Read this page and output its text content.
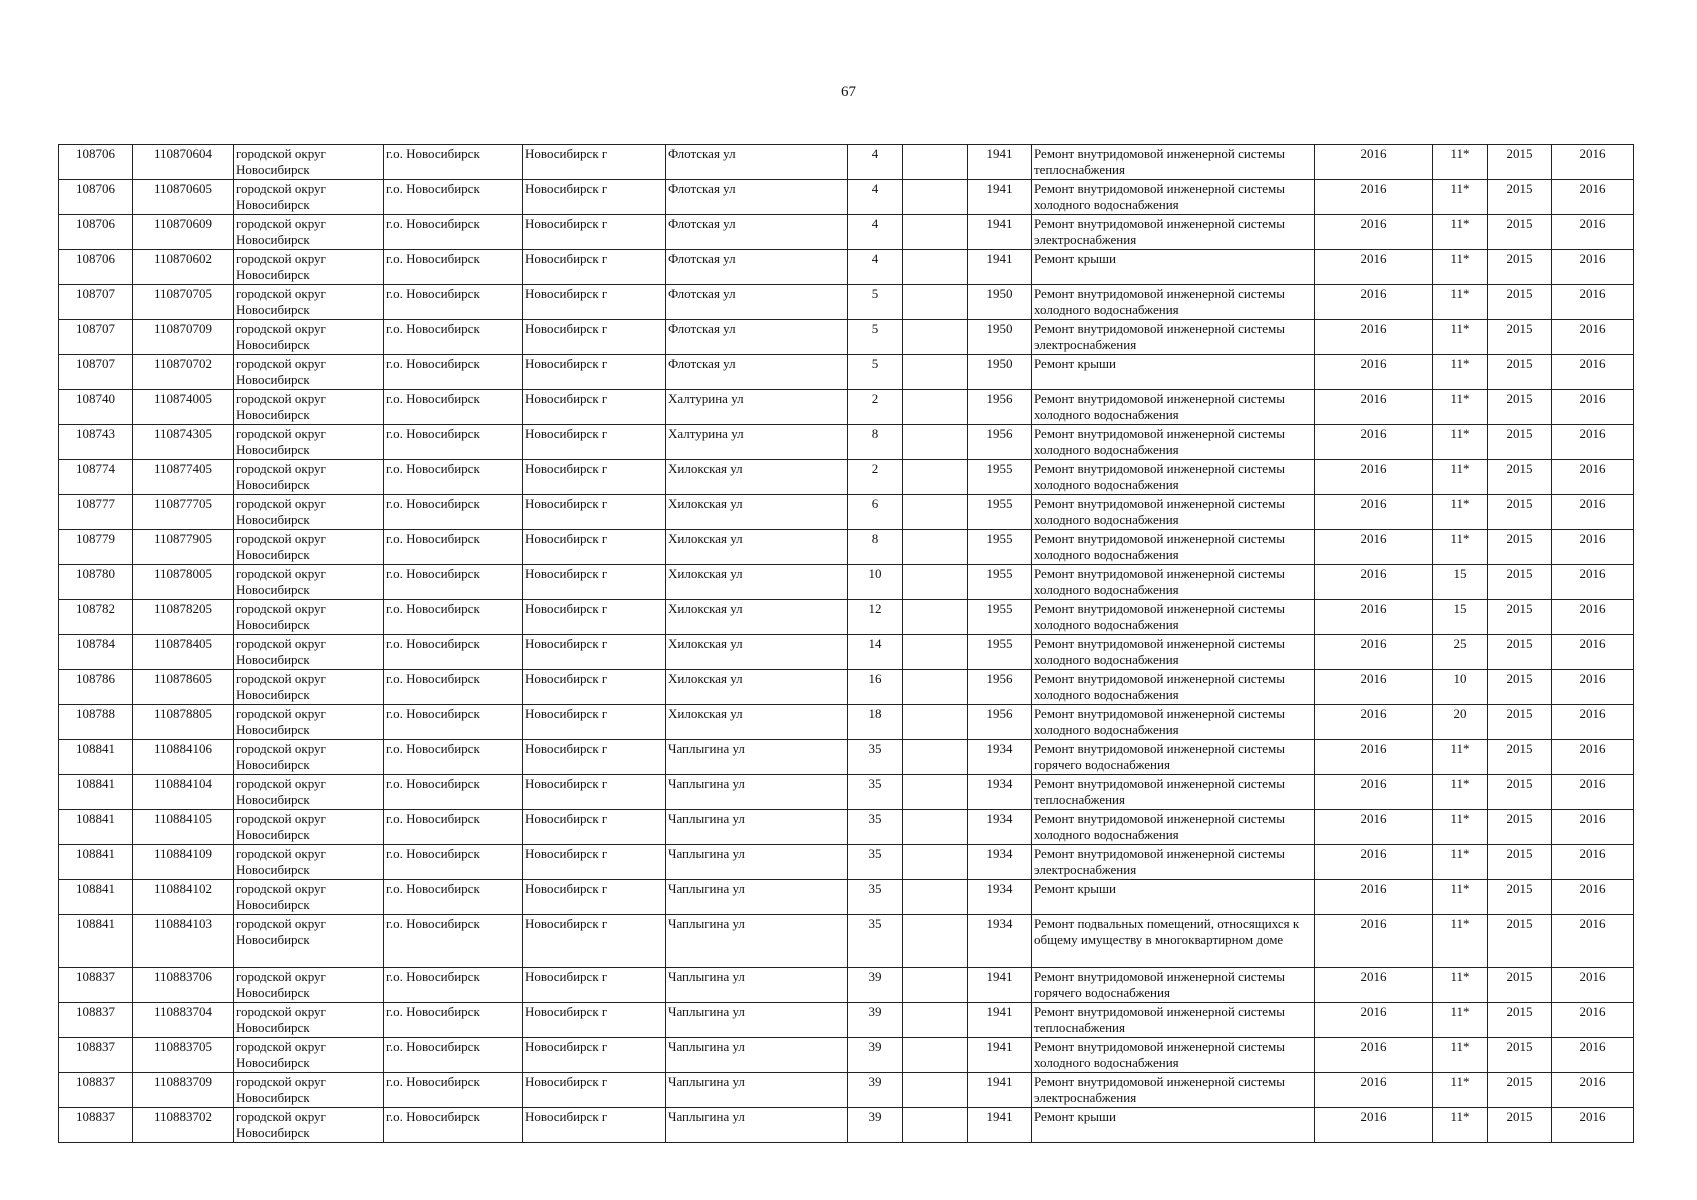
67
108706	110870604	городской округ Новосибирск	г.о. Новосибирск	Новосибирск г	Флотская ул	4		1941	Ремонт внутридомовой инженерной системы теплоснабжения	2016	11*	2015	2016
108706	110870605	городской округ Новосибирск	г.о. Новосибирск	Новосибирск г	Флотская ул	4		1941	Ремонт внутридомовой инженерной системы холодного водоснабжения	2016	11*	2015	2016
108706	110870609	городской округ Новосибирск	г.о. Новосибирск	Новосибирск г	Флотская ул	4		1941	Ремонт внутридомовой инженерной системы электроснабжения	2016	11*	2015	2016
108706	110870602	городской округ Новосибирск	г.о. Новосибирск	Новосибирск г	Флотская ул	4		1941	Ремонт крыши	2016	11*	2015	2016
108707	110870705	городской округ Новосибирск	г.о. Новосибирск	Новосибирск г	Флотская ул	5		1950	Ремонт внутридомовой инженерной системы холодного водоснабжения	2016	11*	2015	2016
108707	110870709	городской округ Новосибирск	г.о. Новосибирск	Новосибирск г	Флотская ул	5		1950	Ремонт внутридомовой инженерной системы электроснабжения	2016	11*	2015	2016
108707	110870702	городской округ Новосибирск	г.о. Новосибирск	Новосибирск г	Флотская ул	5		1950	Ремонт крыши	2016	11*	2015	2016
108740	110874005	городской округ Новосибирск	г.о. Новосибирск	Новосибирск г	Халтурина ул	2		1956	Ремонт внутридомовой инженерной системы холодного водоснабжения	2016	11*	2015	2016
108743	110874305	городской округ Новосибирск	г.о. Новосибирск	Новосибирск г	Халтурина ул	8		1956	Ремонт внутридомовой инженерной системы холодного водоснабжения	2016	11*	2015	2016
108774	110877405	городской округ Новосибирск	г.о. Новосибирск	Новосибирск г	Хилокская ул	2		1955	Ремонт внутридомовой инженерной системы холодного водоснабжения	2016	11*	2015	2016
108777	110877705	городской округ Новосибирск	г.о. Новосибирск	Новосибирск г	Хилокская ул	6		1955	Ремонт внутридомовой инженерной системы холодного водоснабжения	2016	11*	2015	2016
108779	110877905	городской округ Новосибирск	г.о. Новосибирск	Новосибирск г	Хилокская ул	8		1955	Ремонт внутридомовой инженерной системы холодного водоснабжения	2016	11*	2015	2016
108780	110878005	городской округ Новосибирск	г.о. Новосибирск	Новосибирск г	Хилокская ул	10		1955	Ремонт внутридомовой инженерной системы холодного водоснабжения	2016	15	2015	2016
108782	110878205	городской округ Новосибирск	г.о. Новосибирск	Новосибирск г	Хилокская ул	12		1955	Ремонт внутридомовой инженерной системы холодного водоснабжения	2016	15	2015	2016
108784	110878405	городской округ Новосибирск	г.о. Новосибирск	Новосибирск г	Хилокская ул	14		1955	Ремонт внутридомовой инженерной системы холодного водоснабжения	2016	25	2015	2016
108786	110878605	городской округ Новосибирск	г.о. Новосибирск	Новосибирск г	Хилокская ул	16		1956	Ремонт внутридомовой инженерной системы холодного водоснабжения	2016	10	2015	2016
108788	110878805	городской округ Новосибирск	г.о. Новосибирск	Новосибирск г	Хилокская ул	18		1956	Ремонт внутридомовой инженерной системы холодного водоснабжения	2016	20	2015	2016
108841	110884106	городской округ Новосибирск	г.о. Новосибирск	Новосибирск г	Чаплыгина ул	35		1934	Ремонт внутридомовой инженерной системы горячего водоснабжения	2016	11*	2015	2016
108841	110884104	городской округ Новосибирск	г.о. Новосибирск	Новосибирск г	Чаплыгина ул	35		1934	Ремонт внутридомовой инженерной системы теплоснабжения	2016	11*	2015	2016
108841	110884105	городской округ Новосибирск	г.о. Новосибирск	Новосибирск г	Чаплыгина ул	35		1934	Ремонт внутридомовой инженерной системы холодного водоснабжения	2016	11*	2015	2016
108841	110884109	городской округ Новосибирск	г.о. Новосибирск	Новосибирск г	Чаплыгина ул	35		1934	Ремонт внутридомовой инженерной системы электроснабжения	2016	11*	2015	2016
108841	110884102	городской округ Новосибирск	г.о. Новосибирск	Новосибирск г	Чаплыгина ул	35		1934	Ремонт крыши	2016	11*	2015	2016
108841	110884103	городской округ Новосибирск	г.о. Новосибирск	Новосибирск г	Чаплыгина ул	35		1934	Ремонт подвальных помещений, относящихся к общему имуществу в многоквартирном доме	2016	11*	2015	2016
108837	110883706	городской округ Новосибирск	г.о. Новосибирск	Новосибирск г	Чаплыгина ул	39		1941	Ремонт внутридомовой инженерной системы горячего водоснабжения	2016	11*	2015	2016
108837	110883704	городской округ Новосибирск	г.о. Новосибирск	Новосибирск г	Чаплыгина ул	39		1941	Ремонт внутридомовой инженерной системы теплоснабжения	2016	11*	2015	2016
108837	110883705	городской округ Новосибирск	г.о. Новосибирск	Новосибирск г	Чаплыгина ул	39		1941	Ремонт внутридомовой инженерной системы холодного водоснабжения	2016	11*	2015	2016
108837	110883709	городской округ Новосибирск	г.о. Новосибирск	Новосибирск г	Чаплыгина ул	39		1941	Ремонт внутридомовой инженерной системы электроснабжения	2016	11*	2015	2016
108837	110883702	городской округ Новосибирск	г.о. Новосибирск	Новосибирск г	Чаплыгина ул	39		1941	Ремонт крыши	2016	11*	2015	2016
